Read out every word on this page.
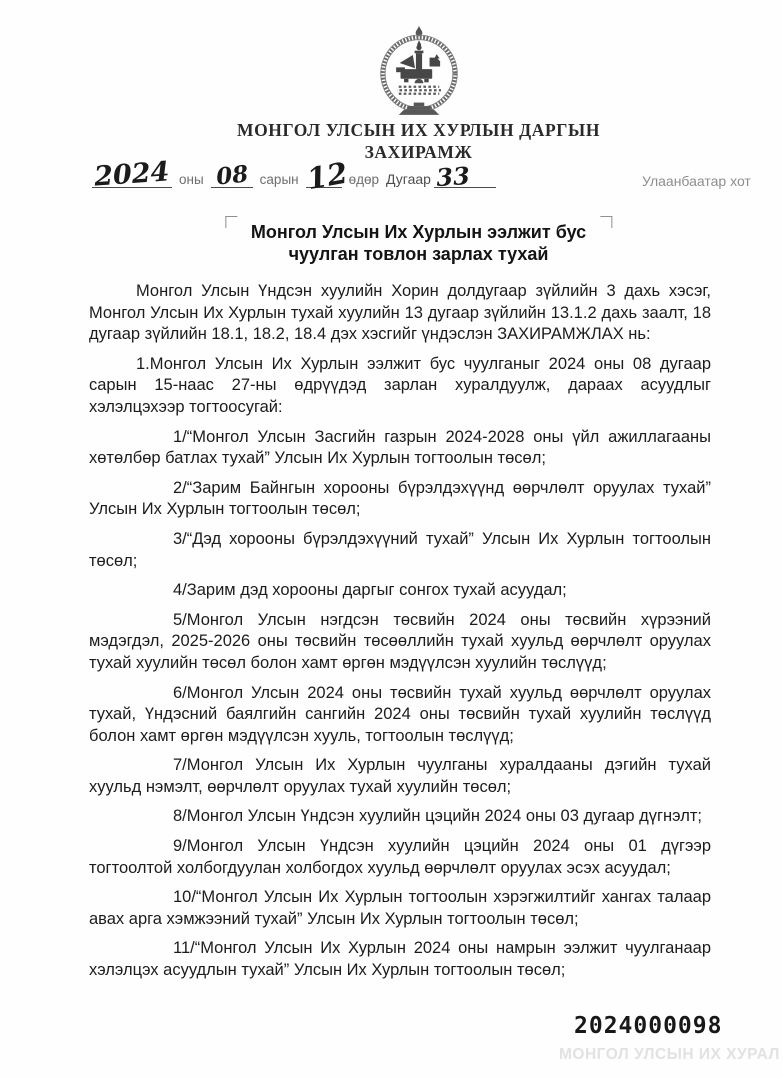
МОНГОЛ УЛСЫН ИХ ХУРЛЫН ДАРГЫН
ЗАХИРАМЖ
2024 оны 08 сарын 12
өдөр Дугаар 33	Улаанбаатар хот
Монгол Улсын Их Хурлын ээлжит бус
чуулган товлон зарлах тухай

Монгол Улсын Үндсэн хуулийн Хорин долдугаар зүйлийн 3 дахь хэсэг, Монгол Улсын Их Хурлын тухай хуулийн 13 дугаар зүйлийн 13.1.2 дахь заалт, 18 дугаар зүйлийн 18.1, 18.2, 18.4 дэх хэсгийг үндэслэн ЗАХИРАМЖЛАХ нь:

1.Монгол Улсын Их Хурлын ээлжит бус чуулганыг 2024 оны 08 дугаар сарын 15-наас 27-ны өдрүүдэд зарлан хуралдуулж, дараах асуудлыг хэлэлцэхээр тогтоосугай:

1/“Монгол Улсын Засгийн газрын 2024-2028 оны үйл ажиллагааны хөтөлбөр батлах тухай” Улсын Их Хурлын тогтоолын төсөл;

2/“Зарим Байнгын хорооны бүрэлдэхүүнд өөрчлөлт оруулах тухай” Улсын Их Хурлын тогтоолын төсөл;

3/“Дэд хорооны бүрэлдэхүүний тухай” Улсын Их Хурлын тогтоолын төсөл;

4/Зарим дэд хорооны даргыг сонгох тухай асуудал;

5/Монгол Улсын нэгдсэн төсвийн 2024 оны төсвийн хүрээний мэдэгдэл, 2025-2026 оны төсвийн төсөөллийн тухай хуульд өөрчлөлт оруулах тухай хуулийн төсөл болон хамт өргөн мэдүүлсэн хуулийн төслүүд;

6/Монгол Улсын 2024 оны төсвийн тухай хуульд өөрчлөлт оруулах тухай, Үндэсний баялгийн сангийн 2024 оны төсвийн тухай хуулийн төслүүд болон хамт өргөн мэдүүлсэн хууль, тогтоолын төслүүд;

7/Монгол Улсын Их Хурлын чуулганы хуралдааны дэгийн тухай хуульд нэмэлт, өөрчлөлт оруулах тухай хуулийн төсөл;

8/Монгол Улсын Үндсэн хуулийн цэцийн 2024 оны 03 дугаар дүгнэлт;

9/Монгол Улсын Үндсэн хуулийн цэцийн 2024 оны 01 дүгээр тогтоолтой холбогдуулан холбогдох хуульд өөрчлөлт оруулах эсэх асуудал;

10/“Монгол Улсын Их Хурлын тогтоолын хэрэгжилтийг хангах талаар авах арга хэмжээний тухай” Улсын Их Хурлын тогтоолын төсөл;

11/“Монгол Улсын Их Хурлын 2024 оны намрын ээлжит чуулганаар хэлэлцэх асуудлын тухай” Улсын Их Хурлын тогтоолын төсөл;

2024000098
МОНГОЛ УЛСЫН ИХ ХУРАЛ
